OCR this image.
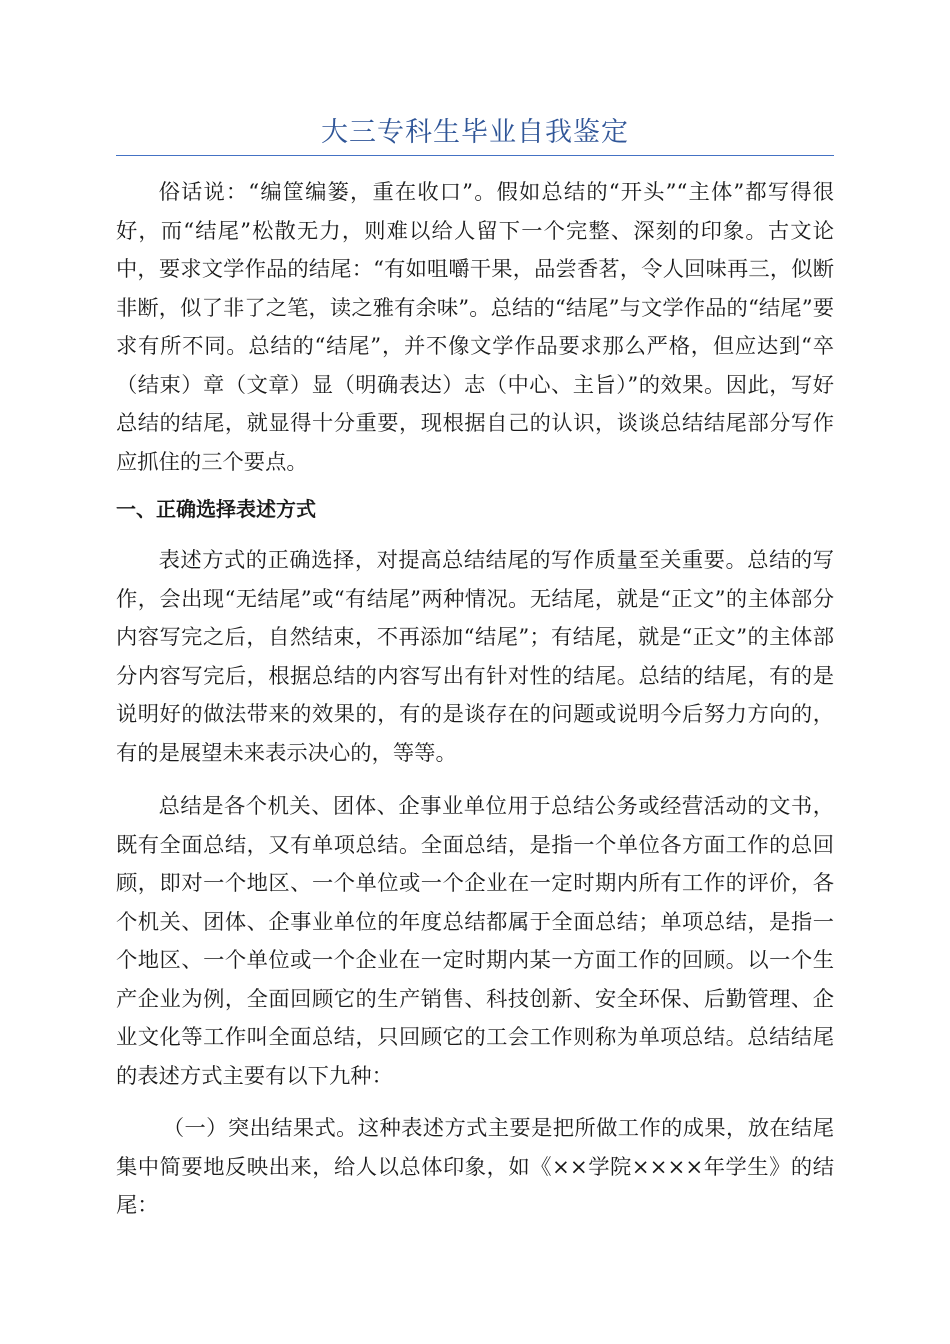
大三专科生毕业自我鉴定

俗话说：“编筐编篓，重在收口”。假如总结的“开头”“主体”都写得很好，而“结尾”松散无力，则难以给人留下一个完整、深刻的印象。古文论中，要求文学作品的结尾：“有如咀嚼干果，品尝香茗，令人回味再三，似断非断，似了非了之笔，读之雅有余味”。总结的“结尾”与文学作品的“结尾”要求有所不同。总结的“结尾”，并不像文学作品要求那么严格，但应达到“卒（结束）章（文章）显（明确表达）志（中心、主旨）”的效果。因此，写好总结的结尾，就显得十分重要，现根据自己的认识，谈谈总结结尾部分写作应抓住的三个要点。

一、正确选择表述方式

表述方式的正确选择，对提高总结结尾的写作质量至关重要。总结的写作，会出现“无结尾”或“有结尾”两种情况。无结尾，就是“正文”的主体部分内容写完之后，自然结束，不再添加“结尾”；有结尾，就是“正文”的主体部分内容写完后，根据总结的内容写出有针对性的结尾。总结的结尾，有的是说明好的做法带来的效果的，有的是谈存在的问题或说明今后努力方向的，有的是展望未来表示决心的，等等。

总结是各个机关、团体、企事业单位用于总结公务或经营活动的文书，既有全面总结，又有单项总结。全面总结，是指一个单位各方面工作的总回顾，即对一个地区、一个单位或一个企业在一定时期内所有工作的评价，各个机关、团体、企事业单位的年度总结都属于全面总结；单项总结，是指一个地区、一个单位或一个企业在一定时期内某一方面工作的回顾。以一个生产企业为例，全面回顾它的生产销售、科技创新、安全环保、后勤管理、企业文化等工作叫全面总结，只回顾它的工会工作则称为单项总结。总结结尾的表述方式主要有以下九种：

（一）突出结果式。这种表述方式主要是把所做工作的成果，放在结尾集中简要地反映出来，给人以总体印象，如《××学院××××年学生》的结尾：
